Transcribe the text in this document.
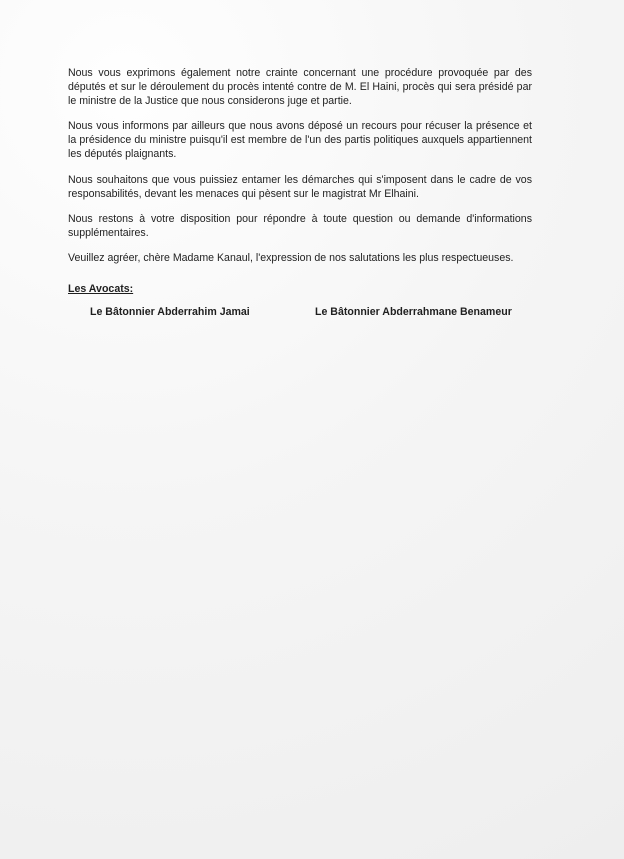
Nous vous exprimons également notre crainte concernant une procédure provoquée par des députés et sur le déroulement du procès intenté contre de M. El Haini, procès qui sera présidé par le ministre de la Justice que nous considerons juge et partie.

Nous vous informons par ailleurs que nous avons déposé un recours pour récuser la présence et la présidence du ministre puisqu'il est membre de l'un des partis politiques auxquels appartiennent les députés plaignants.

Nous souhaitons que vous puissiez entamer les démarches qui s'imposent dans le cadre de vos responsabilités, devant les menaces qui pèsent sur le magistrat Mr Elhaini.

Nous restons à votre disposition pour répondre à toute question ou demande d'informations supplémentaires.

Veuillez agréer, chère Madame Kanaul, l'expression de nos salutations les plus respectueuses.

Les Avocats:
Le Bâtonnier Abderrahim Jamai	Le Bâtonnier Abderrahmane Benameur
